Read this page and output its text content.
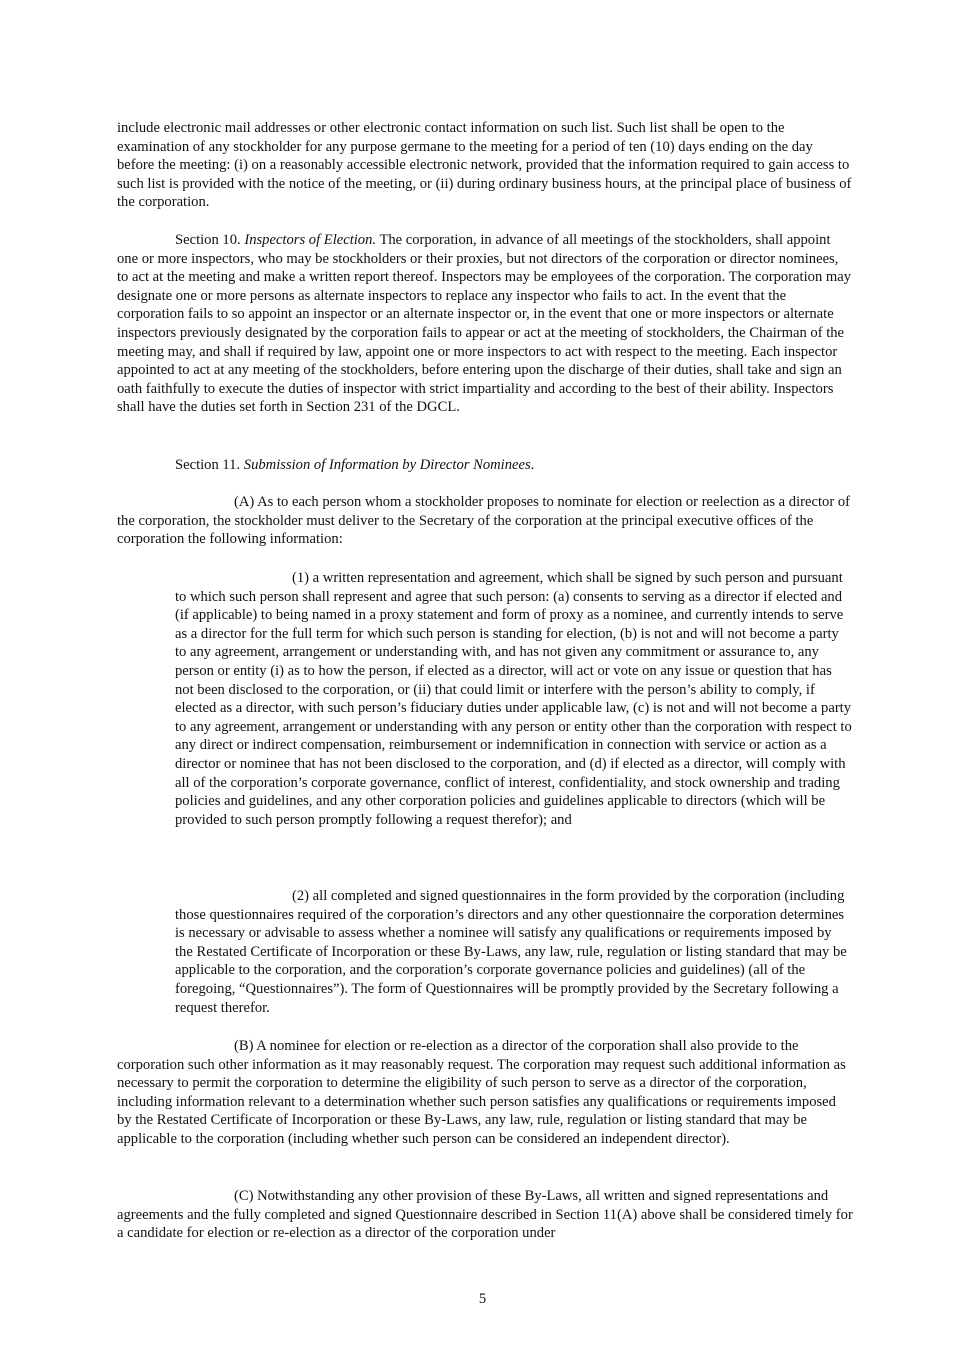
include electronic mail addresses or other electronic contact information on such list. Such list shall be open to the examination of any stockholder for any purpose germane to the meeting for a period of ten (10) days ending on the day before the meeting: (i) on a reasonably accessible electronic network, provided that the information required to gain access to such list is provided with the notice of the meeting, or (ii) during ordinary business hours, at the principal place of business of the corporation.

Section 10. Inspectors of Election. The corporation, in advance of all meetings of the stockholders, shall appoint one or more inspectors, who may be stockholders or their proxies, but not directors of the corporation or director nominees, to act at the meeting and make a written report thereof. Inspectors may be employees of the corporation. The corporation may designate one or more persons as alternate inspectors to replace any inspector who fails to act. In the event that the corporation fails to so appoint an inspector or an alternate inspector or, in the event that one or more inspectors or alternate inspectors previously designated by the corporation fails to appear or act at the meeting of stockholders, the Chairman of the meeting may, and shall if required by law, appoint one or more inspectors to act with respect to the meeting. Each inspector appointed to act at any meeting of the stockholders, before entering upon the discharge of their duties, shall take and sign an oath faithfully to execute the duties of inspector with strict impartiality and according to the best of their ability. Inspectors shall have the duties set forth in Section 231 of the DGCL.

Section 11. Submission of Information by Director Nominees.

(A) As to each person whom a stockholder proposes to nominate for election or reelection as a director of the corporation, the stockholder must deliver to the Secretary of the corporation at the principal executive offices of the corporation the following information:

(1) a written representation and agreement, which shall be signed by such person and pursuant to which such person shall represent and agree that such person: (a) consents to serving as a director if elected and (if applicable) to being named in a proxy statement and form of proxy as a nominee, and currently intends to serve as a director for the full term for which such person is standing for election, (b) is not and will not become a party to any agreement, arrangement or understanding with, and has not given any commitment or assurance to, any person or entity (i) as to how the person, if elected as a director, will act or vote on any issue or question that has not been disclosed to the corporation, or (ii) that could limit or interfere with the person’s ability to comply, if elected as a director, with such person’s fiduciary duties under applicable law, (c) is not and will not become a party to any agreement, arrangement or understanding with any person or entity other than the corporation with respect to any direct or indirect compensation, reimbursement or indemnification in connection with service or action as a director or nominee that has not been disclosed to the corporation, and (d) if elected as a director, will comply with all of the corporation’s corporate governance, conflict of interest, confidentiality, and stock ownership and trading policies and guidelines, and any other corporation policies and guidelines applicable to directors (which will be provided to such person promptly following a request therefor); and

(2) all completed and signed questionnaires in the form provided by the corporation (including those questionnaires required of the corporation’s directors and any other questionnaire the corporation determines is necessary or advisable to assess whether a nominee will satisfy any qualifications or requirements imposed by the Restated Certificate of Incorporation or these By-Laws, any law, rule, regulation or listing standard that may be applicable to the corporation, and the corporation’s corporate governance policies and guidelines) (all of the foregoing, “Questionnaires”). The form of Questionnaires will be promptly provided by the Secretary following a request therefor.

(B) A nominee for election or re-election as a director of the corporation shall also provide to the corporation such other information as it may reasonably request. The corporation may request such additional information as necessary to permit the corporation to determine the eligibility of such person to serve as a director of the corporation, including information relevant to a determination whether such person satisfies any qualifications or requirements imposed by the Restated Certificate of Incorporation or these By-Laws, any law, rule, regulation or listing standard that may be applicable to the corporation (including whether such person can be considered an independent director).

(C) Notwithstanding any other provision of these By-Laws, all written and signed representations and agreements and the fully completed and signed Questionnaire described in Section 11(A) above shall be considered timely for a candidate for election or re-election as a director of the corporation under

5
